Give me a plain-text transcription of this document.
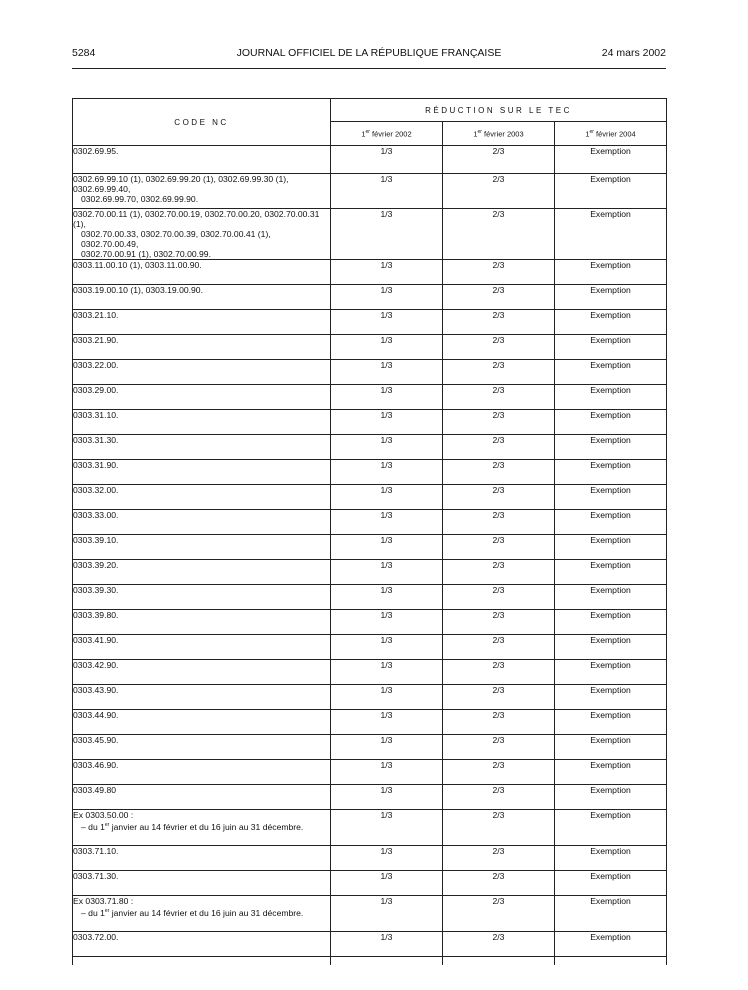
5284	JOURNAL OFFICIEL DE LA RÉPUBLIQUE FRANÇAISE	24 mars 2002
CODE NC	RÉDUCTION SUR LE TEC		
	1er février 2002	1er février 2003	1er février 2004
0302.69.95.	1/3	2/3	Exemption
0302.69.99.10 (1), 0302.69.99.20 (1), 0302.69.99.30 (1), 0302.69.99.40,
0302.69.99.70, 0302.69.99.90.	1/3	2/3	Exemption
0302.70.00.11 (1), 0302.70.00.19, 0302.70.00.20, 0302.70.00.31 (1),
0302.70.00.33, 0302.70.00.39, 0302.70.00.41 (1), 0302.70.00.49,
0302.70.00.91 (1), 0302.70.00.99.	1/3	2/3	Exemption
0303.11.00.10 (1), 0303.11.00.90.	1/3	2/3	Exemption
0303.19.00.10 (1), 0303.19.00.90.	1/3	2/3	Exemption
0303.21.10.	1/3	2/3	Exemption
0303.21.90.	1/3	2/3	Exemption
0303.22.00.	1/3	2/3	Exemption
0303.29.00.	1/3	2/3	Exemption
0303.31.10.	1/3	2/3	Exemption
0303.31.30.	1/3	2/3	Exemption
0303.31.90.	1/3	2/3	Exemption
0303.32.00.	1/3	2/3	Exemption
0303.33.00.	1/3	2/3	Exemption
0303.39.10.	1/3	2/3	Exemption
0303.39.20.	1/3	2/3	Exemption
0303.39.30.	1/3	2/3	Exemption
0303.39.80.	1/3	2/3	Exemption
0303.41.90.	1/3	2/3	Exemption
0303.42.90.	1/3	2/3	Exemption
0303.43.90.	1/3	2/3	Exemption
0303.44.90.	1/3	2/3	Exemption
0303.45.90.	1/3	2/3	Exemption
0303.46.90.	1/3	2/3	Exemption
0303.49.80	1/3	2/3	Exemption
Ex 0303.50.00 :
– du 1er janvier au 14 février et du 16 juin au 31 décembre.	1/3	2/3	Exemption
0303.71.10.	1/3	2/3	Exemption
0303.71.30.	1/3	2/3	Exemption
Ex 0303.71.80 :
– du 1er janvier au 14 février et du 16 juin au 31 décembre.	1/3	2/3	Exemption
0303.72.00.	1/3	2/3	Exemption
